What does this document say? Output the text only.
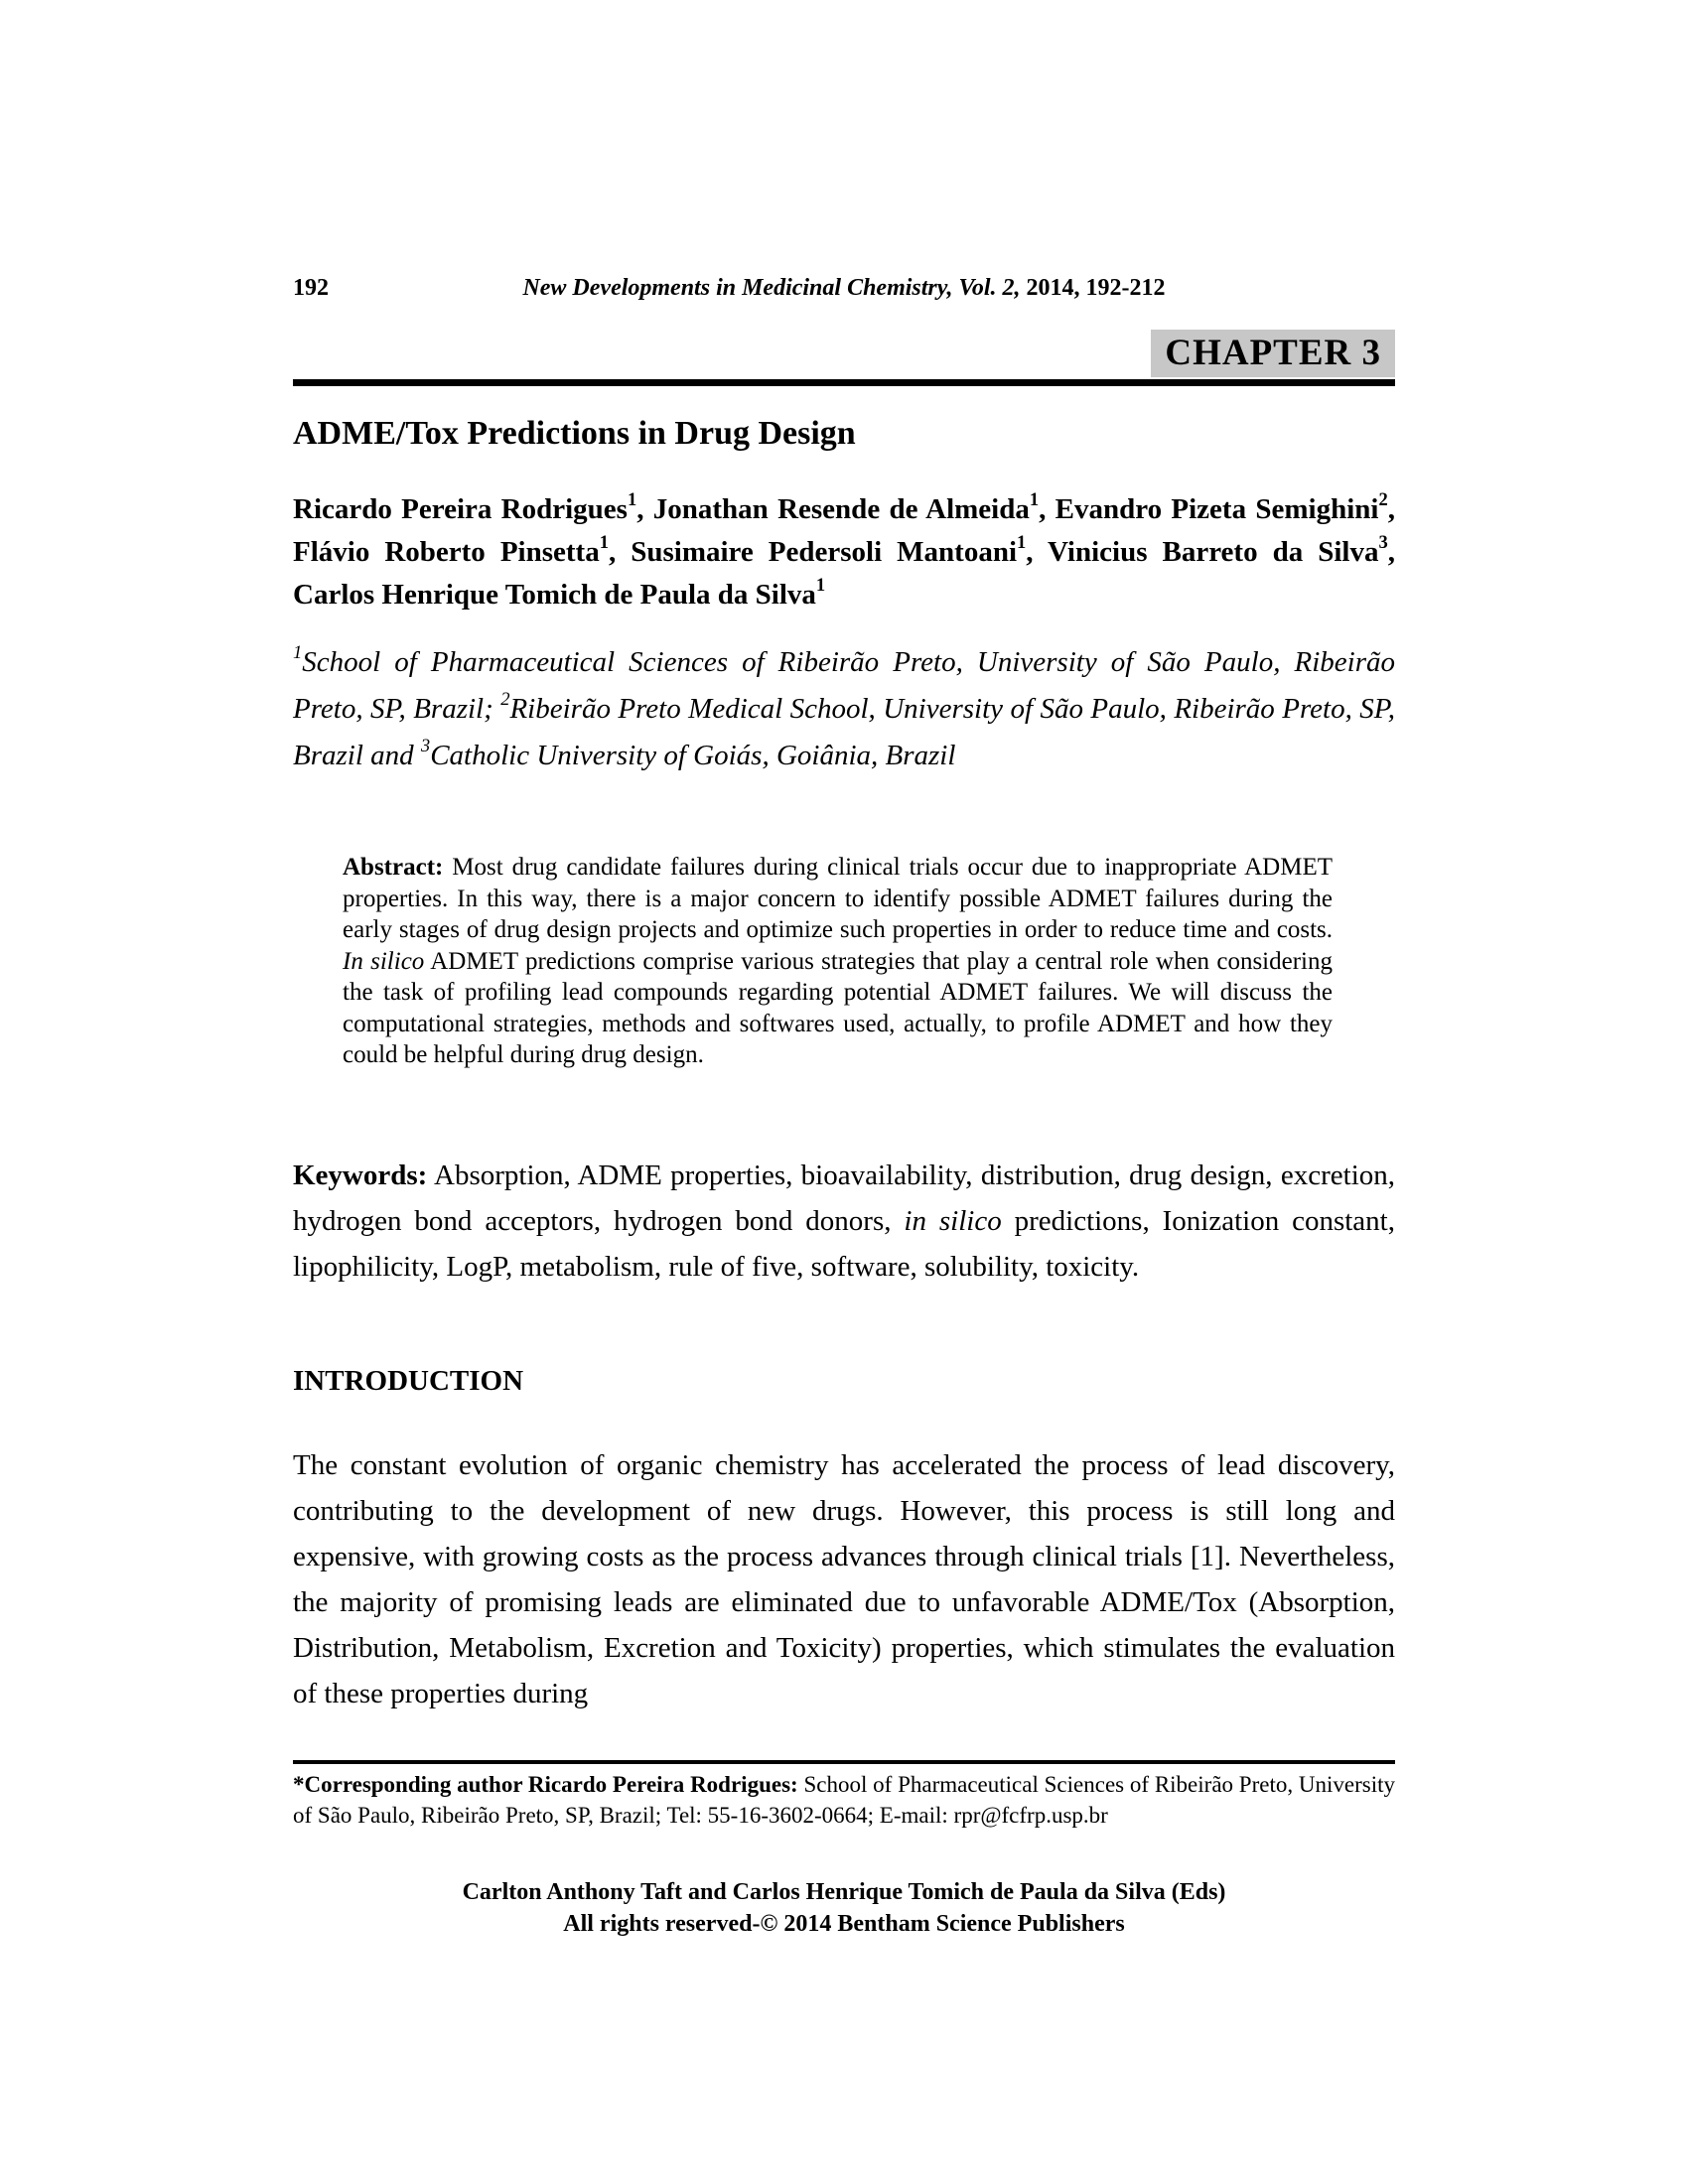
192	New Developments in Medicinal Chemistry, Vol. 2, 2014, 192-212
CHAPTER 3
ADME/Tox Predictions in Drug Design

Ricardo Pereira Rodrigues$^1$, Jonathan Resende de Almeida$^1$, Evandro Pizeta Semighini$^2$, Flávio Roberto Pinsetta$^1$, Susimaire Pedersoli Mantoani$^1$, Vinicius Barreto da Silva$^3$, Carlos Henrique Tomich de Paula da Silva$^1$

$^1$School of Pharmaceutical Sciences of Ribeirão Preto, University of São Paulo, Ribeirão Preto, SP, Brazil; $^2$Ribeirão Preto Medical School, University of São Paulo, Ribeirão Preto, SP, Brazil and $^3$Catholic University of Goiás, Goiânia, Brazil

Abstract: Most drug candidate failures during clinical trials occur due to inappropriate ADMET properties. In this way, there is a major concern to identify possible ADMET failures during the early stages of drug design projects and optimize such properties in order to reduce time and costs. In silico ADMET predictions comprise various strategies that play a central role when considering the task of profiling lead compounds regarding potential ADMET failures. We will discuss the computational strategies, methods and softwares used, actually, to profile ADMET and how they could be helpful during drug design.

Keywords: Absorption, ADME properties, bioavailability, distribution, drug design, excretion, hydrogen bond acceptors, hydrogen bond donors, in silico predictions, Ionization constant, lipophilicity, LogP, metabolism, rule of five, software, solubility, toxicity.

INTRODUCTION

The constant evolution of organic chemistry has accelerated the process of lead discovery, contributing to the development of new drugs. However, this process is still long and expensive, with growing costs as the process advances through clinical trials [1]. Nevertheless, the majority of promising leads are eliminated due to unfavorable ADME/Tox (Absorption, Distribution, Metabolism, Excretion and Toxicity) properties, which stimulates the evaluation of these properties during

*Corresponding author Ricardo Pereira Rodrigues: School of Pharmaceutical Sciences of Ribeirão Preto, University of São Paulo, Ribeirão Preto, SP, Brazil; Tel: 55-16-3602-0664; E-mail: rpr@fcfrp.usp.br

Carlton Anthony Taft and Carlos Henrique Tomich de Paula da Silva (Eds)
All rights reserved-© 2014 Bentham Science Publishers
